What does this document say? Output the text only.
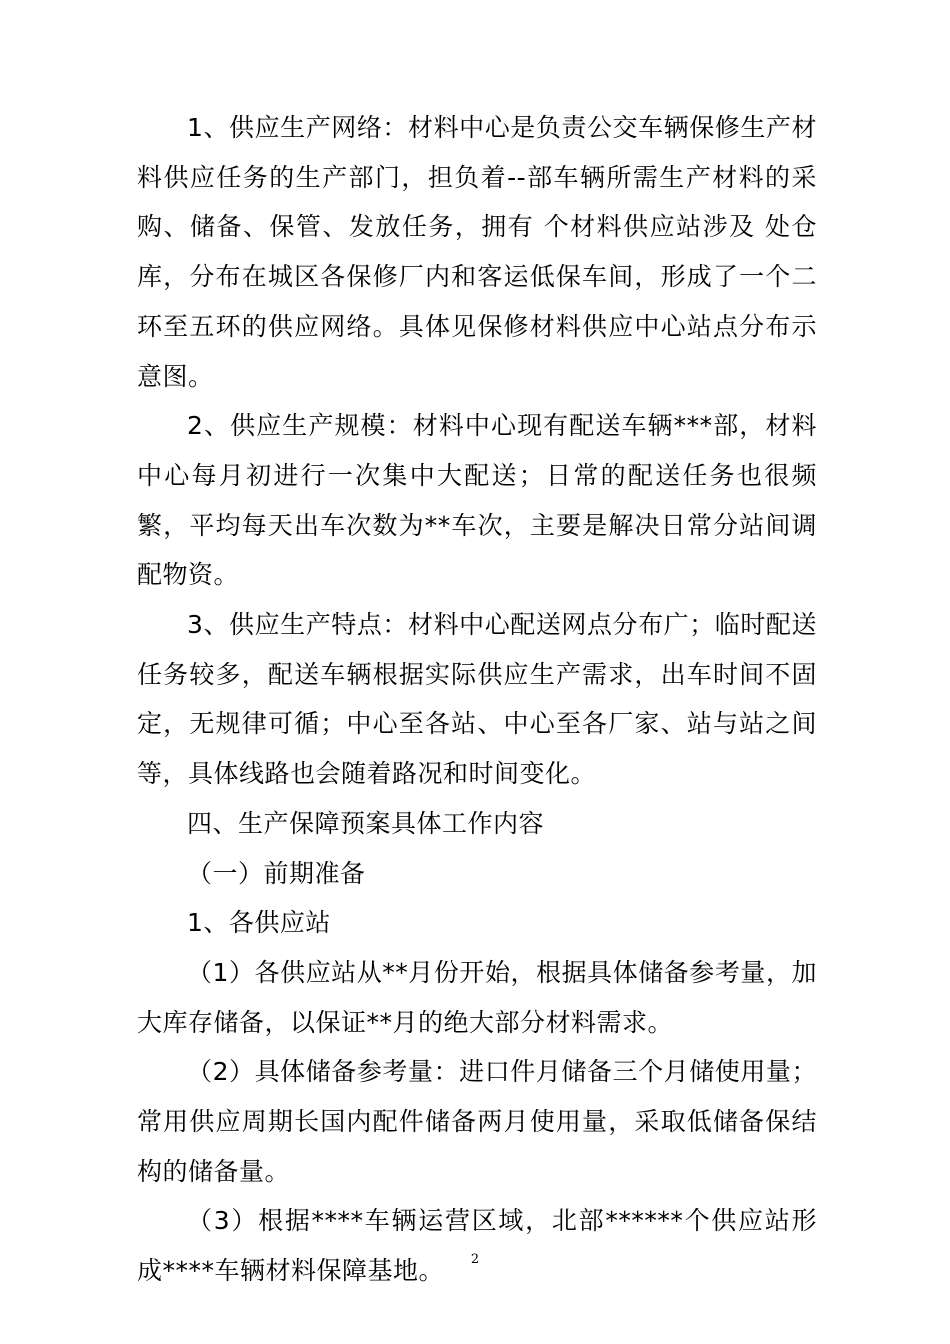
1、供应生产网络：材料中心是负责公交车辆保修生产材料供应任务的生产部门，担负着--部车辆所需生产材料的采购、储备、保管、发放任务，拥有 个材料供应站涉及 处仓库，分布在城区各保修厂内和客运低保车间，形成了一个二环至五环的供应网络。具体见保修材料供应中心站点分布示意图。

2、供应生产规模：材料中心现有配送车辆***部，材料中心每月初进行一次集中大配送；日常的配送任务也很频繁，平均每天出车次数为**车次，主要是解决日常分站间调配物资。

3、供应生产特点：材料中心配送网点分布广；临时配送任务较多，配送车辆根据实际供应生产需求，出车时间不固定，无规律可循；中心至各站、中心至各厂家、站与站之间等，具体线路也会随着路况和时间变化。

四、生产保障预案具体工作内容

（一）前期准备

1、各供应站

（1）各供应站从**月份开始，根据具体储备参考量，加大库存储备，以保证**月的绝大部分材料需求。

（2）具体储备参考量：进口件月储备三个月储使用量；常用供应周期长国内配件储备两月使用量，采取低储备保结构的储备量。

（3）根据****车辆运营区域，北部******个供应站形成****车辆材料保障基地。	2
